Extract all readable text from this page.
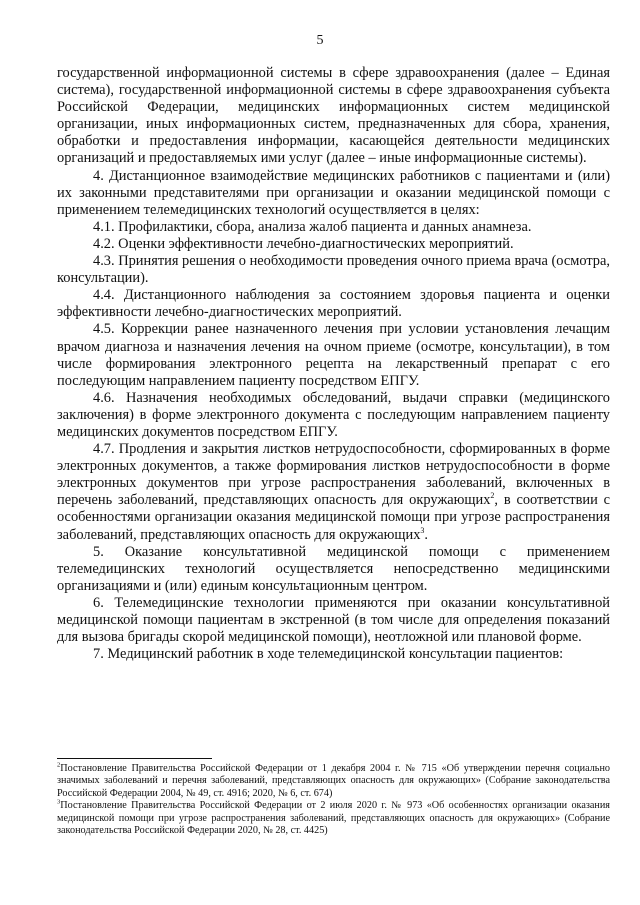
5

государственной информационной системы в сфере здравоохранения (далее – Единая система), государственной информационной системы в сфере здравоохранения субъекта Российской Федерации, медицинских информационных систем медицинской организации, иных информационных систем, предназначенных для сбора, хранения, обработки и предоставления информации, касающейся деятельности медицинских организаций и предоставляемых ими услуг (далее – иные информационные системы).

4. Дистанционное взаимодействие медицинских работников с пациентами и (или) их законными представителями при организации и оказании медицинской помощи с применением телемедицинских технологий осуществляется в целях:

4.1. Профилактики, сбора, анализа жалоб пациента и данных анамнеза.

4.2. Оценки эффективности лечебно-диагностических мероприятий.

4.3. Принятия решения о необходимости проведения очного приема врача (осмотра, консультации).

4.4. Дистанционного наблюдения за состоянием здоровья пациента и оценки эффективности лечебно-диагностических мероприятий.

4.5. Коррекции ранее назначенного лечения при условии установления лечащим врачом диагноза и назначения лечения на очном приеме (осмотре, консультации), в том числе формирования электронного рецепта на лекарственный препарат с его последующим направлением пациенту посредством ЕПГУ.

4.6. Назначения необходимых обследований, выдачи справки (медицинского заключения) в форме электронного документа с последующим направлением пациенту медицинских документов посредством ЕПГУ.

4.7. Продления и закрытия листков нетрудоспособности, сформированных в форме электронных документов, а также формирования листков нетрудоспособности в форме электронных документов при угрозе распространения заболеваний, включенных в перечень заболеваний, представляющих опасность для окружающих$^2$, в соответствии с особенностями организации оказания медицинской помощи при угрозе распространения заболеваний, представляющих опасность для окружающих$^3$.

5. Оказание консультативной медицинской помощи с применением телемедицинских технологий осуществляется непосредственно медицинскими организациями и (или) единым консультационным центром.

6. Телемедицинские технологии применяются при оказании консультативной медицинской помощи пациентам в экстренной (в том числе для определения показаний для вызова бригады скорой медицинской помощи), неотложной или плановой форме.

7. Медицинский работник в ходе телемедицинской консультации пациентов:

$^2$Постановление Правительства Российской Федерации от 1 декабря 2004 г. № 715 «Об утверждении перечня социально значимых заболеваний и перечня заболеваний, представляющих опасность для окружающих» (Собрание законодательства Российской Федерации 2004, № 49, ст. 4916; 2020, № 6, ст. 674)

$^3$Постановление Правительства Российской Федерации от 2 июля 2020 г. № 973 «Об особенностях организации оказания медицинской помощи при угрозе распространения заболеваний, представляющих опасность для окружающих» (Собрание законодательства Российской Федерации 2020, № 28, ст. 4425)
